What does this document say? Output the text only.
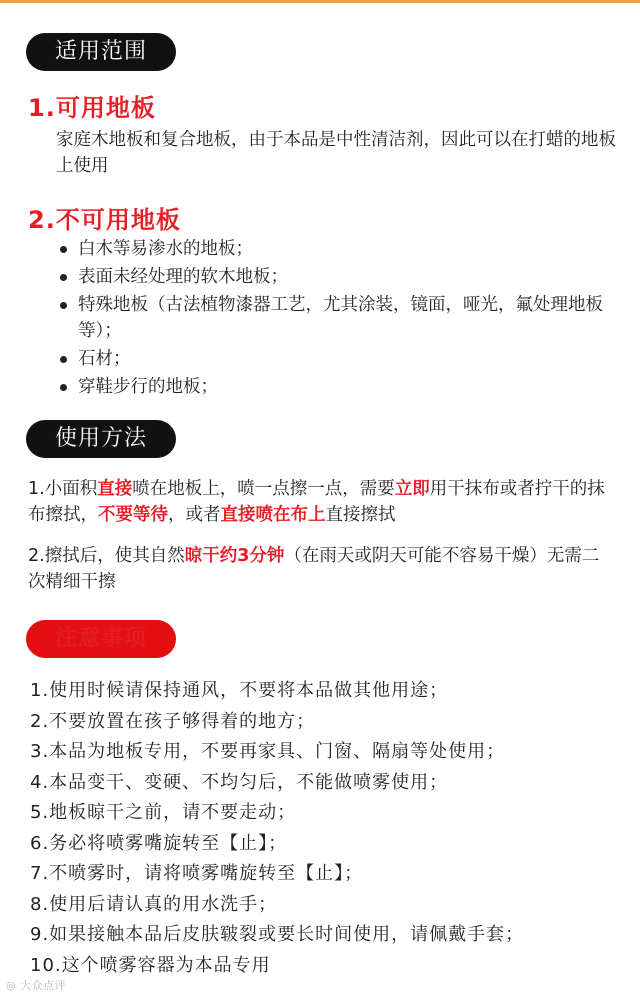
适用范围
1.可用地板
家庭木地板和复合地板，由于本品是中性清洁剂，因此可以在打蜡的地板上使用
2.不可用地板
白木等易渗水的地板；
表面未经处理的软木地板；
特殊地板（古法植物漆器工艺，尤其涂装，镜面，哑光，氟处理地板等）；
石材；
穿鞋步行的地板；
使用方法
1.小面积直接喷在地板上，喷一点擦一点，需要立即用干抹布或者拧干的抹布擦拭，不要等待，或者直接喷在布上直接擦拭
2.擦拭后，使其自然晾干约3分钟（在雨天或阴天可能不容易干燥）无需二次精细干擦
注意事项
1.使用时候请保持通风，不要将本品做其他用途；
2.不要放置在孩子够得着的地方；
3.本品为地板专用，不要再家具、门窗、隔扇等处使用；
4.本品变干、变硬、不均匀后，不能做喷雾使用；
5.地板晾干之前，请不要走动；
6.务必将喷雾嘴旋转至【止】；
7.不喷雾时，请将喷雾嘴旋转至【止】；
8.使用后请认真的用水洗手；
9.如果接触本品后皮肤皲裂或要长时间使用，请佩戴手套；
10.这个喷雾容器为本品专用
◎ 大众点评
